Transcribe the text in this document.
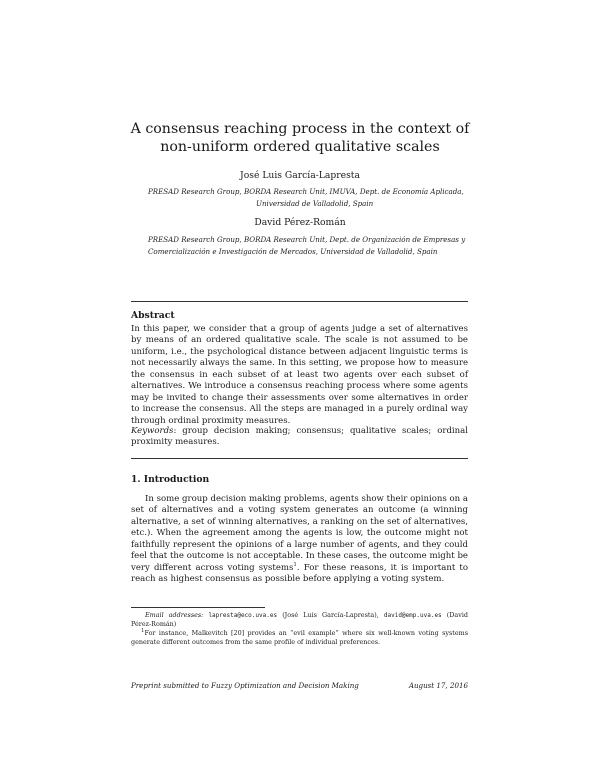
A consensus reaching process in the context of
non-uniform ordered qualitative scales
José Luis García-Lapresta
PRESAD Research Group, BORDA Research Unit, IMUVA, Dept. de Economía Aplicada,
Universidad de Valladolid, Spain
David Pérez-Román
PRESAD Research Group, BORDA Research Unit, Dept. de Organización de Empresas y
Comercialización e Investigación de Mercados, Universidad de Valladolid, Spain
Abstract
In this paper, we consider that a group of agents judge a set of alternatives by means of an ordered qualitative scale. The scale is not assumed to be uniform, i.e., the psychological distance between adjacent linguistic terms is not necessarily always the same. In this setting, we propose how to measure the consensus in each subset of at least two agents over each subset of alternatives. We introduce a consensus reaching process where some agents may be invited to change their assessments over some alternatives in order to increase the consensus. All the steps are managed in a purely ordinal way through ordinal proximity measures.
Keywords: group decision making; consensus; qualitative scales; ordinal proximity measures.
1. Introduction
In some group decision making problems, agents show their opinions on a set of alternatives and a voting system generates an outcome (a winning alternative, a set of winning alternatives, a ranking on the set of alternatives, etc.). When the agreement among the agents is low, the outcome might not faithfully represent the opinions of a large number of agents, and they could feel that the outcome is not acceptable. In these cases, the outcome might be very different across voting systems$^1$. For these reasons, it is important to reach as highest consensus as possible before applying a voting system.
Email addresses: lapresta@eco.uva.es (José Luis García-Lapresta), david@emp.uva.es (David Pérez-Román)
$^1$For instance, Malkevitch [20] provides an “evil example” where six well-known voting systems generate different outcomes from the same profile of individual preferences.
Preprint submitted to Fuzzy Optimization and Decision Making	August 17, 2016
